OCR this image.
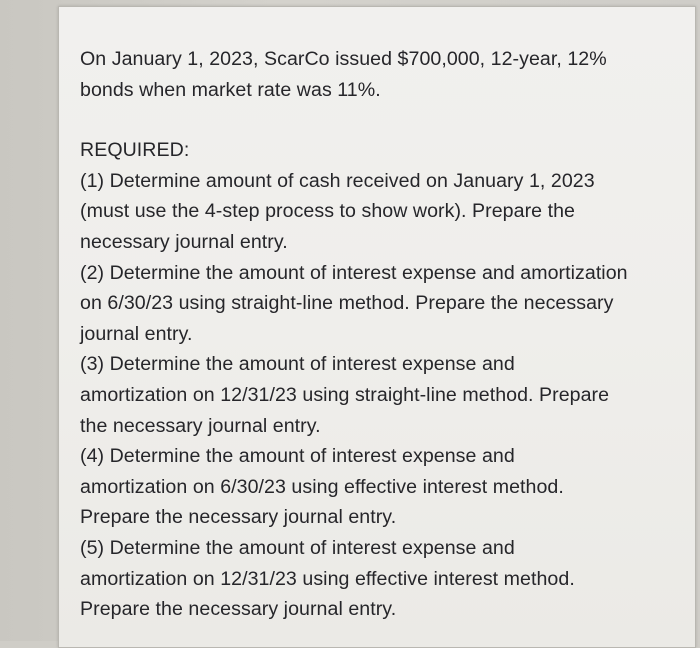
On January 1, 2023, ScarCo issued $700,000, 12-year, 12%
bonds when market rate was 11%.
REQUIRED:
(1) Determine amount of cash received on January 1, 2023
(must use the 4-step process to show work). Prepare the
necessary journal entry.
(2) Determine the amount of interest expense and amortization
on 6/30/23 using straight-line method. Prepare the necessary
journal entry.
(3) Determine the amount of interest expense and
amortization on 12/31/23 using straight-line method. Prepare
the necessary journal entry.
(4) Determine the amount of interest expense and
amortization on 6/30/23 using effective interest method.
Prepare the necessary journal entry.
(5) Determine the amount of interest expense and
amortization on 12/31/23 using effective interest method.
Prepare the necessary journal entry.
